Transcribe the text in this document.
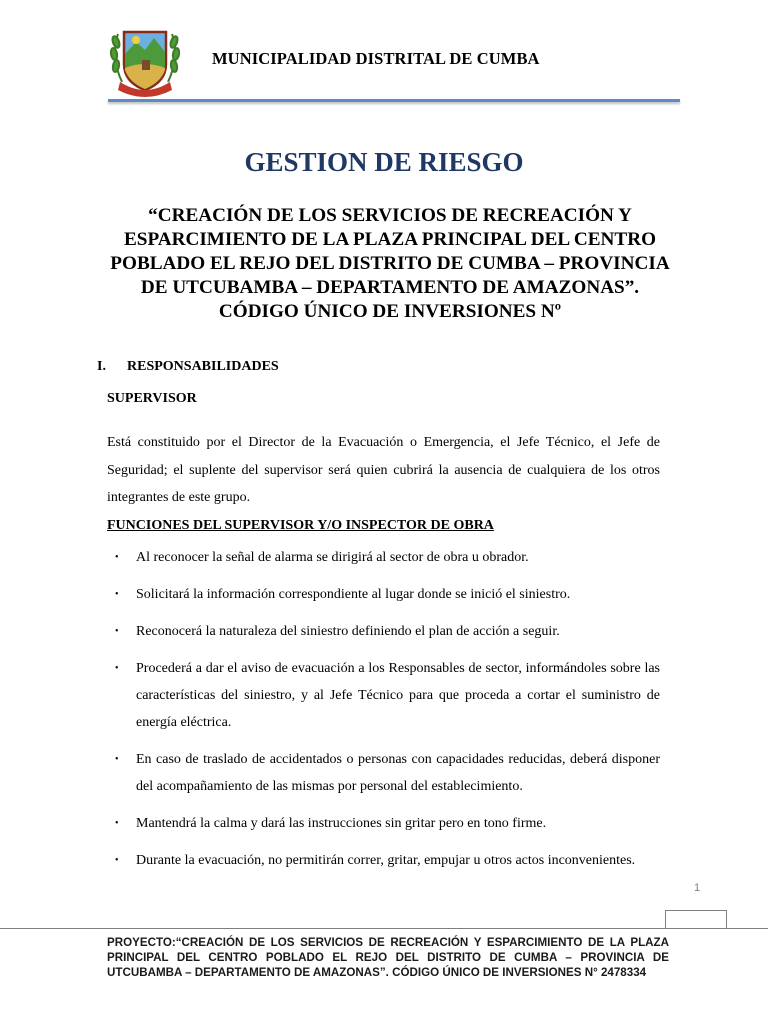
MUNICIPALIDAD DISTRITAL DE CUMBA
GESTION DE RIESGO
“CREACIÓN DE LOS SERVICIOS DE RECREACIÓN Y ESPARCIMIENTO DE LA PLAZA PRINCIPAL DEL CENTRO POBLADO EL REJO DEL DISTRITO DE CUMBA – PROVINCIA DE UTCUBAMBA – DEPARTAMENTO DE AMAZONAS”. CÓDIGO ÚNICO DE INVERSIONES Nº
I. RESPONSABILIDADES
SUPERVISOR
Está constituido por el Director de la Evacuación o Emergencia, el Jefe Técnico, el Jefe de Seguridad; el suplente del supervisor será quien cubrirá la ausencia de cualquiera de los otros integrantes de este grupo.
FUNCIONES DEL SUPERVISOR Y/O INSPECTOR DE OBRA
• Al reconocer la señal de alarma se dirigirá al sector de obra u obrador.
• Solicitará la información correspondiente al lugar donde se inició el siniestro.
• Reconocerá la naturaleza del siniestro definiendo el plan de acción a seguir.
• Procederá a dar el aviso de evacuación a los Responsables de sector, informándoles sobre las características del siniestro, y al Jefe Técnico para que proceda a cortar el suministro de energía eléctrica.
• En caso de traslado de accidentados o personas con capacidades reducidas, deberá disponer del acompañamiento de las mismas por personal del establecimiento.
• Mantendrá la calma y dará las instrucciones sin gritar pero en tono firme.
• Durante la evacuación, no permitirán correr, gritar, empujar u otros actos inconvenientes.
1
PROYECTO:“CREACIÓN DE LOS SERVICIOS DE RECREACIÓN Y ESPARCIMIENTO DE LA PLAZA PRINCIPAL DEL CENTRO POBLADO EL REJO DEL DISTRITO DE CUMBA – PROVINCIA DE UTCUBAMBA – DEPARTAMENTO DE AMAZONAS”. CÓDIGO ÚNICO DE INVERSIONES N° 2478334
